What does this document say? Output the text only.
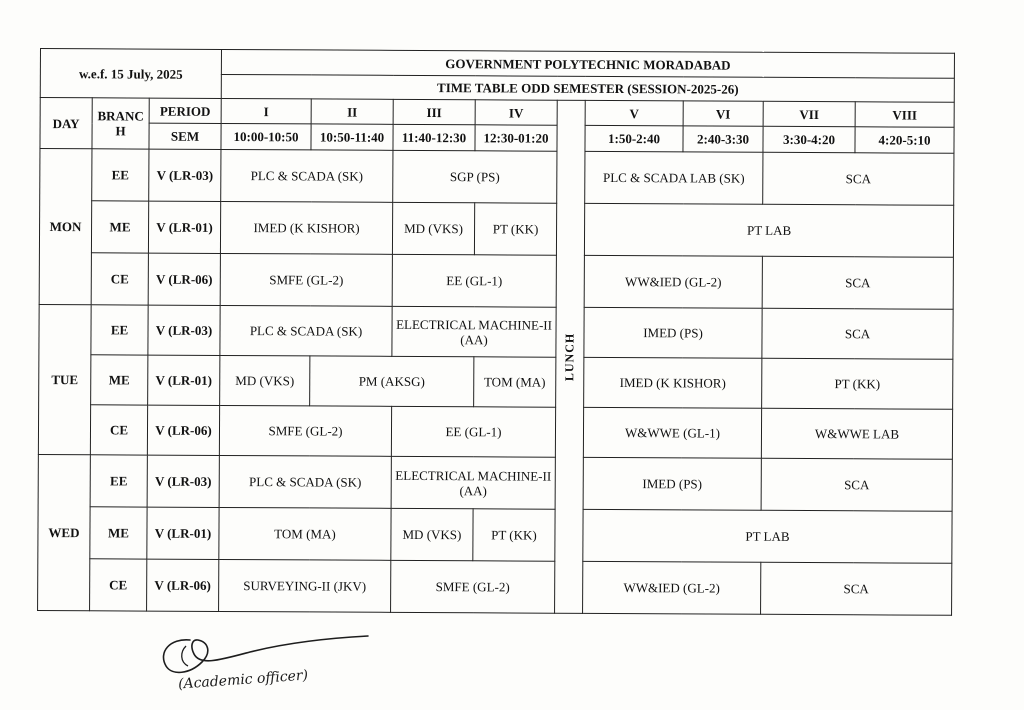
w.e.f. 15 July, 2025			GOVERNMENT POLYTECHNIC MORADABAD								
			TIME TABLE ODD SEMESTER (SESSION-2025-26)								
DAY	BRANC H	PERIOD	I	II	III	IV	LUNCH	V	VI	VII	VIII
		SEM	10:00-10:50	10:50-11:40	11:40-12:30	12:30-01:20		1:50-2:40	2:40-3:30	3:30-4:20	4:20-5:10
MON	EE	V (LR-03)	PLC & SCADA (SK)		SGP (PS)			PLC & SCADA LAB (SK)		SCA	
	ME	V (LR-01)	IMED (K KISHOR)		MD (VKS)	PT (KK)		PT LAB			
	CE	V (LR-06)	SMFE (GL-2)		EE (GL-1)			WW&IED (GL-2)		SCA	
TUE	EE	V (LR-03)	PLC & SCADA (SK)		ELECTRICAL MACHINE-II (AA)			IMED (PS)		SCA	
	ME	V (LR-01)	MD (VKS)	PM (AKSG)		TOM (MA)		IMED (K KISHOR)		PT (KK)	
	CE	V (LR-06)	SMFE (GL-2)		EE (GL-1)			W&WWE (GL-1)		W&WWE LAB	
WED	EE	V (LR-03)	PLC & SCADA (SK)		ELECTRICAL MACHINE-II (AA)			IMED (PS)		SCA	
	ME	V (LR-01)	TOM (MA)		MD (VKS)	PT (KK)		PT LAB			
	CE	V (LR-06)	SURVEYING-II (JKV)		SMFE (GL-2)			WW&IED (GL-2)		SCA	
(Academic officer)
